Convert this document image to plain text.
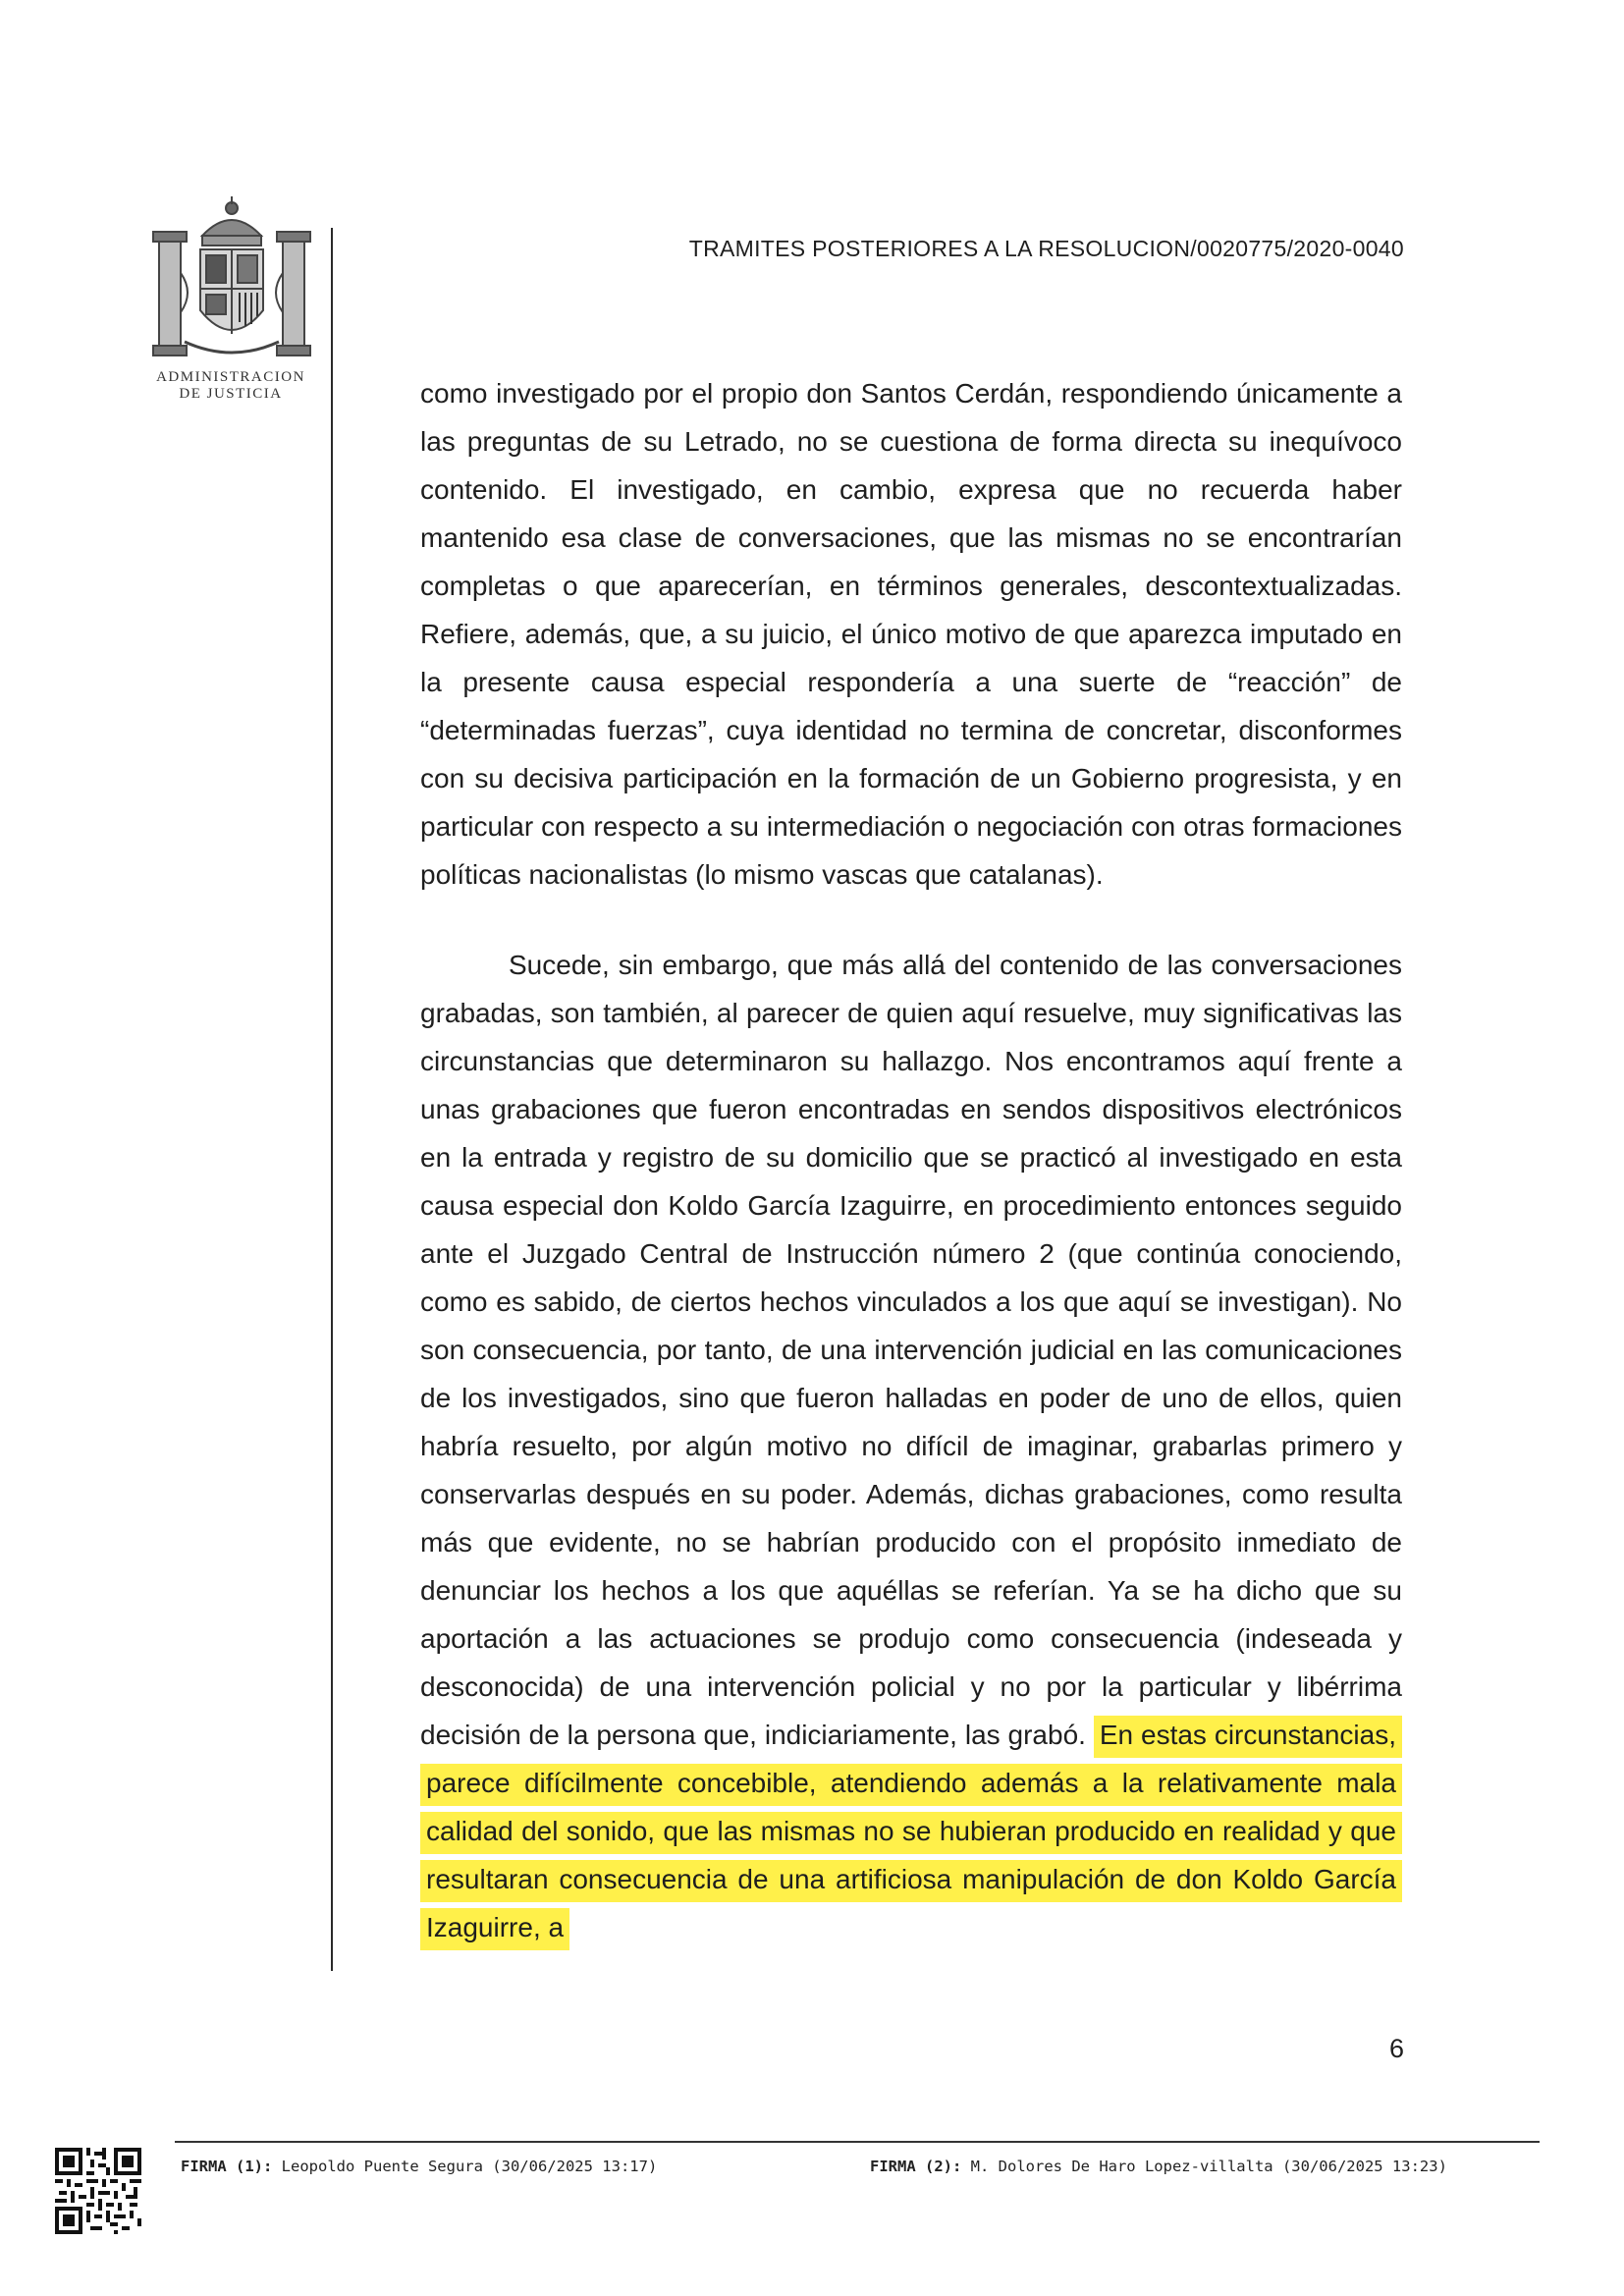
ADMINISTRACION
DE JUSTICIA
TRAMITES POSTERIORES A LA RESOLUCION/0020775/2020-0040

como investigado por el propio don Santos Cerdán, respondiendo únicamente a las preguntas de su Letrado, no se cuestiona de forma directa su inequívoco contenido. El investigado, en cambio, expresa que no recuerda haber mantenido esa clase de conversaciones, que las mismas no se encontrarían completas o que aparecerían, en términos generales, descontextualizadas. Refiere, además, que, a su juicio, el único motivo de que aparezca imputado en la presente causa especial respondería a una suerte de “reacción” de “determinadas fuerzas”, cuya identidad no termina de concretar, disconformes con su decisiva participación en la formación de un Gobierno progresista, y en particular con respecto a su intermediación o negociación con otras formaciones políticas nacionalistas (lo mismo vascas que catalanas).

Sucede, sin embargo, que más allá del contenido de las conversaciones grabadas, son también, al parecer de quien aquí resuelve, muy significativas las circunstancias que determinaron su hallazgo. Nos encontramos aquí frente a unas grabaciones que fueron encontradas en sendos dispositivos electrónicos en la entrada y registro de su domicilio que se practicó al investigado en esta causa especial don Koldo García Izaguirre, en procedimiento entonces seguido ante el Juzgado Central de Instrucción número 2 (que continúa conociendo, como es sabido, de ciertos hechos vinculados a los que aquí se investigan). No son consecuencia, por tanto, de una intervención judicial en las comunicaciones de los investigados, sino que fueron halladas en poder de uno de ellos, quien habría resuelto, por algún motivo no difícil de imaginar, grabarlas primero y conservarlas después en su poder. Además, dichas grabaciones, como resulta más que evidente, no se habrían producido con el propósito inmediato de denunciar los hechos a los que aquéllas se referían. Ya se ha dicho que su aportación a las actuaciones se produjo como consecuencia (indeseada y desconocida) de una intervención policial y no por la particular y libérrima decisión de la persona que, indiciariamente, las grabó. En estas circunstancias, parece difícilmente concebible, atendiendo además a la relativamente mala calidad del sonido, que las mismas no se hubieran producido en realidad y que resultaran consecuencia de una artificiosa manipulación de don Koldo García Izaguirre, a

6
FIRMA (1): Leopoldo Puente Segura (30/06/2025 13:17)	FIRMA (2): M. Dolores De Haro Lopez-villalta (30/06/2025 13:23)
